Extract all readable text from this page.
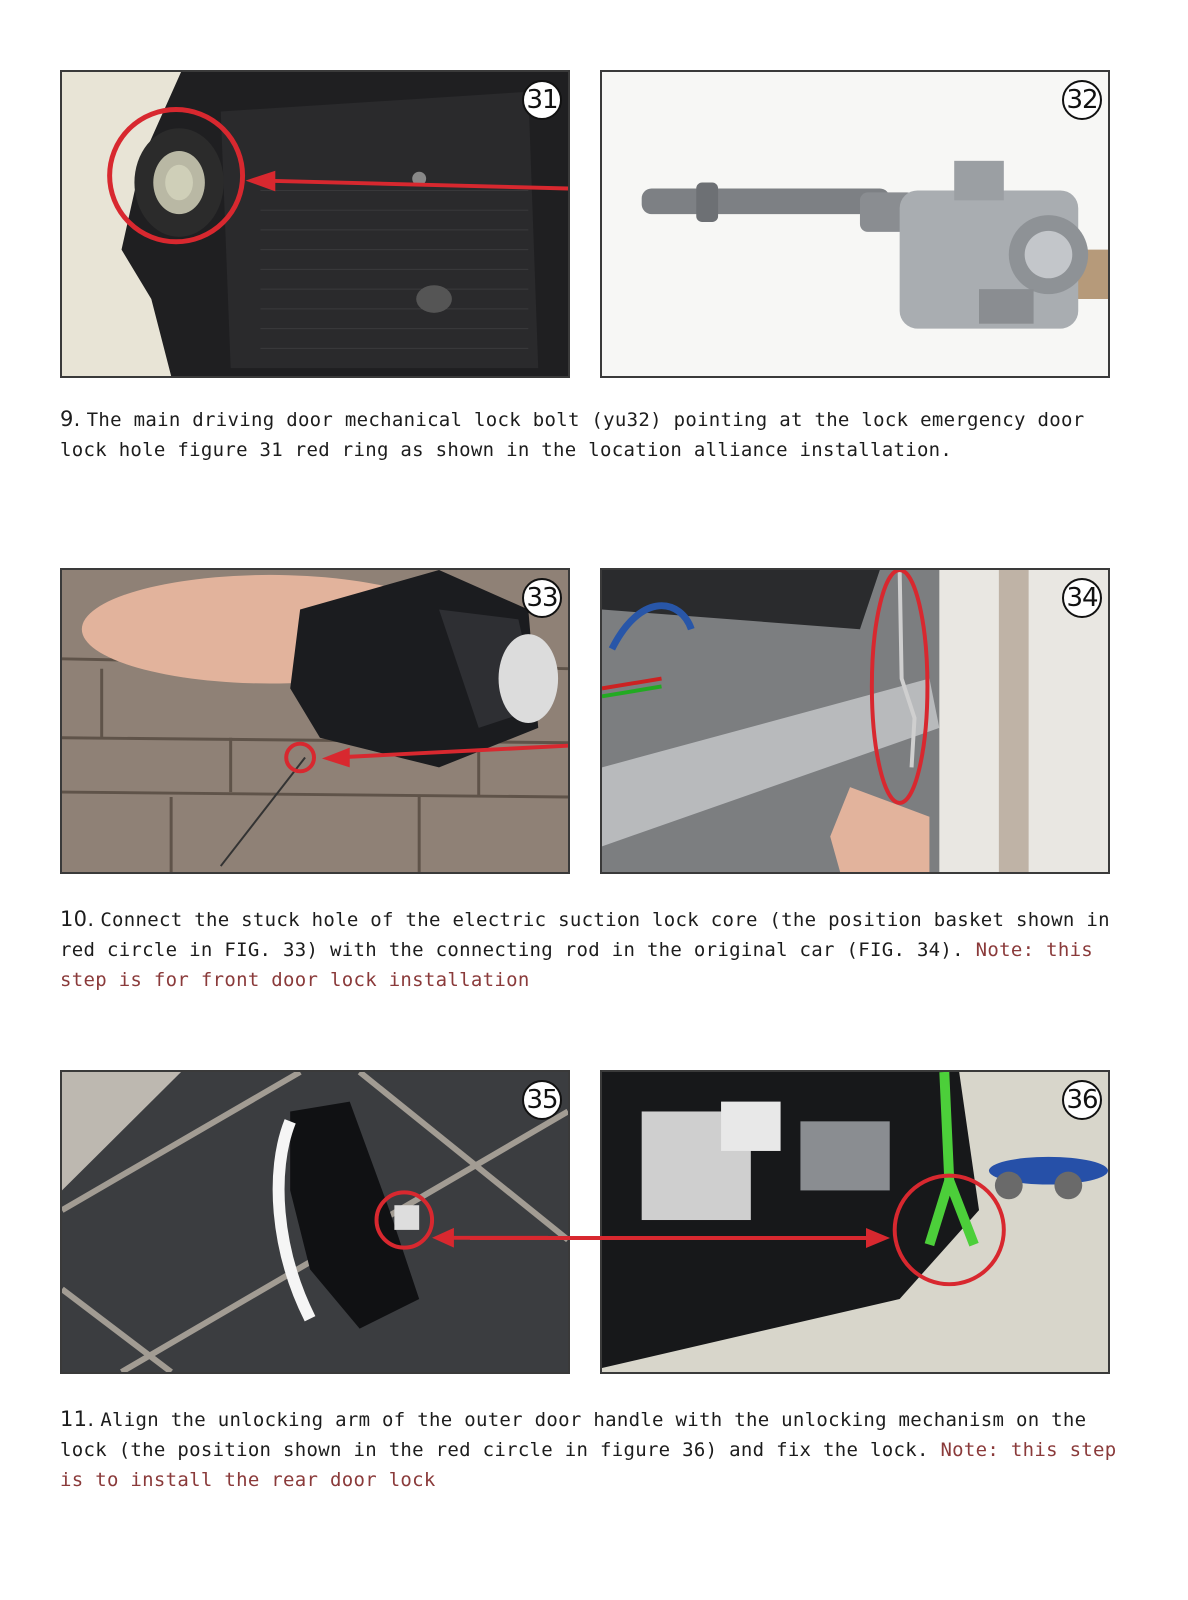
31	32
9. The main driving door mechanical lock bolt (yu32) pointing at the lock emergency door lock hole figure 31 red ring as shown in the location alliance installation.
33	34
10. Connect the stuck hole of the electric suction lock core (the position basket shown in red circle in FIG. 33) with the connecting rod in the original car (FIG. 34). Note: this step is for front door lock installation
35	36
11. Align the unlocking arm of the outer door handle with the unlocking mechanism on the lock (the position shown in the red circle in figure 36) and fix the lock. Note: this step is to install the rear door lock
